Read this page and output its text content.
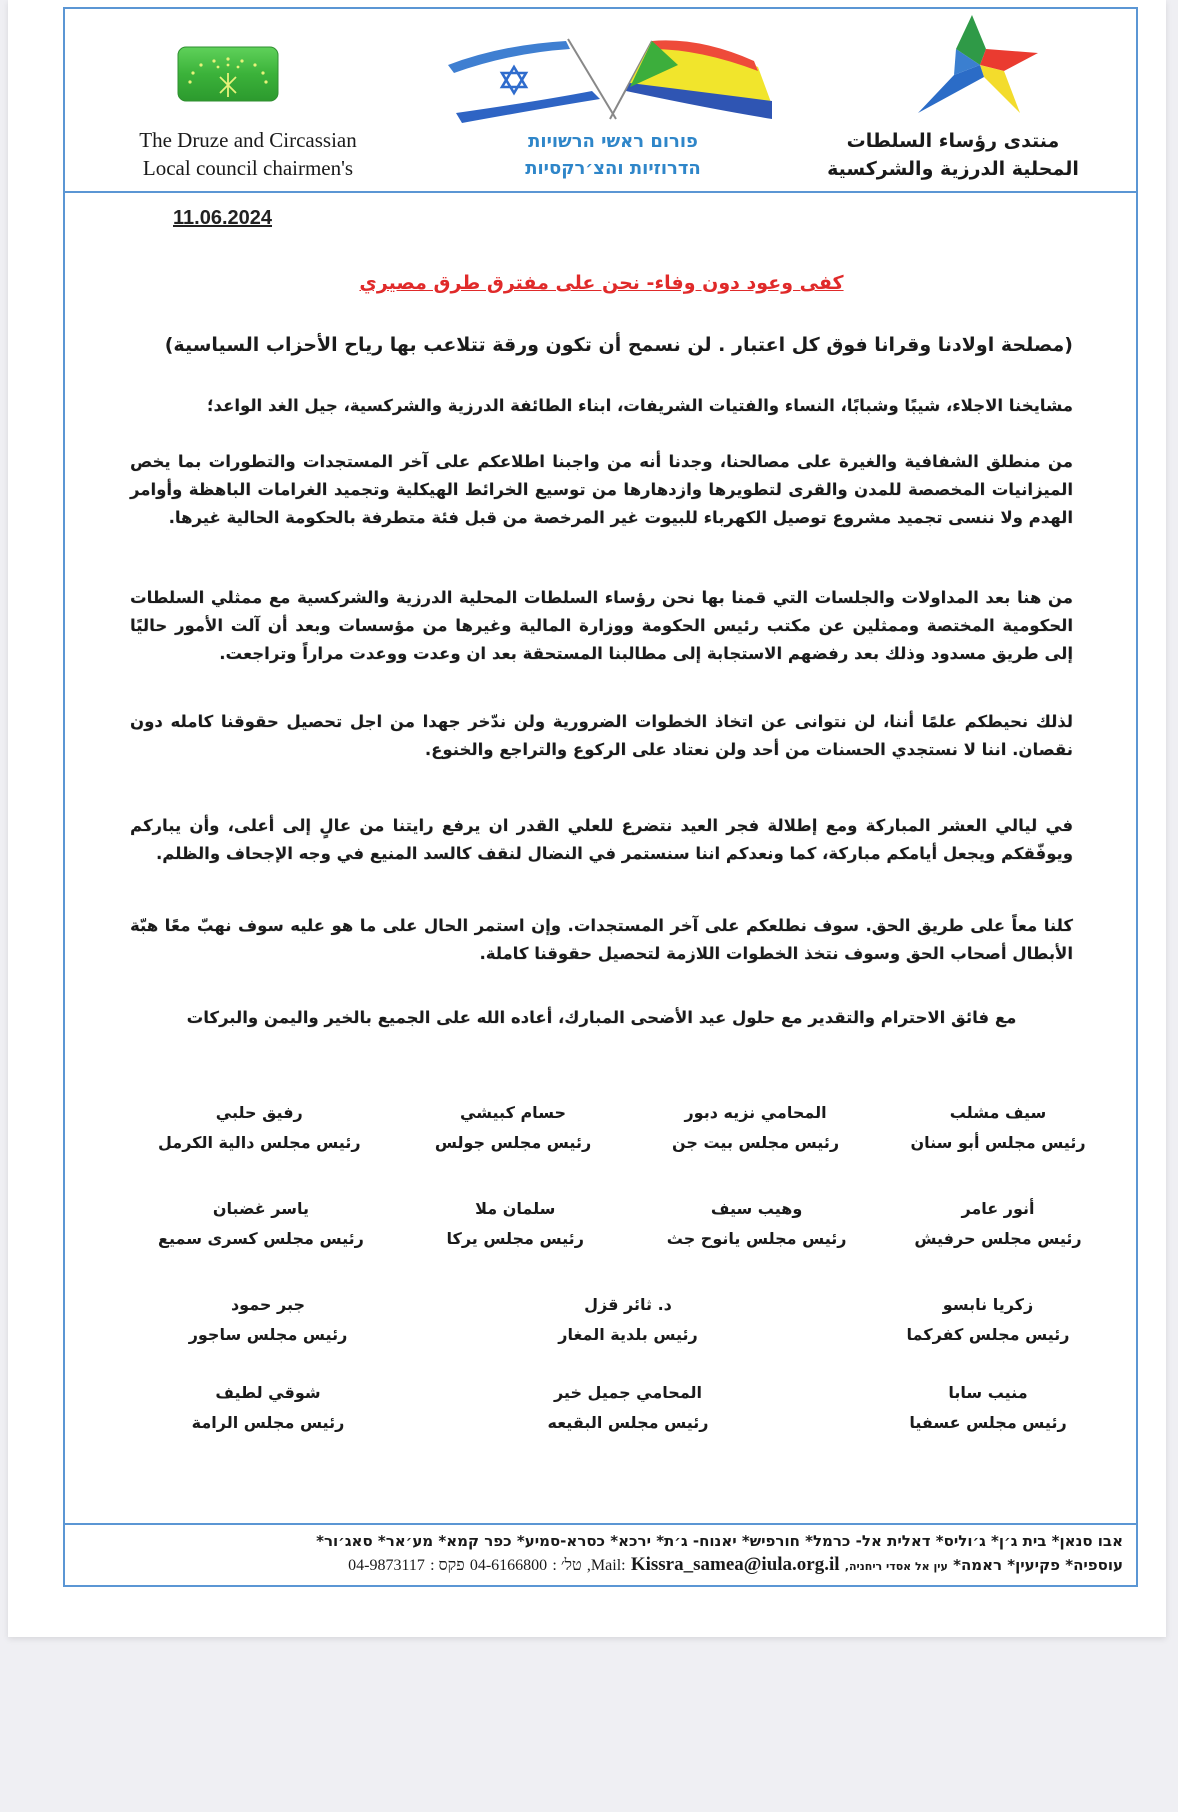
The Druze and Circassian
Local council chairmen's
פורום ראשי הרשויות
הדרוזיות והצ׳רקסיות
منتدى رؤساء السلطات
المحلية الدرزية والشركسية
11.06.2024
كفى وعود دون وفاء- نحن على مفترق طرق مصيري
(مصلحة اولادنا وقرانا فوق كل اعتبار . لن نسمح أن تكون ورقة تتلاعب بها رياح الأحزاب السياسية)
مشايخنا الاجلاء، شيبًا وشبابًا، النساء والفتيات الشريفات، ابناء الطائفة الدرزية والشركسية، جيل الغد الواعد؛
من منطلق الشفافية والغيرة على مصالحنا، وجدنا أنه من واجبنا اطلاعكم على آخر المستجدات والتطورات بما يخص الميزانيات المخصصة للمدن والقرى لتطويرها وازدهارها من توسيع الخرائط الهيكلية وتجميد الغرامات الباهظة وأوامر الهدم ولا ننسى تجميد مشروع توصيل الكهرباء للبيوت غير المرخصة من قبل فئة متطرفة بالحكومة الحالية غيرها.
من هنا بعد المداولات والجلسات التي قمنا بها نحن رؤساء السلطات المحلية الدرزية والشركسية مع ممثلي السلطات الحكومية المختصة وممثلين عن مكتب رئيس الحكومة ووزارة المالية وغيرها من مؤسسات وبعد أن آلت الأمور حاليًا إلى طريق مسدود وذلك بعد رفضهم الاستجابة إلى مطالبنا المستحقة بعد ان وعدت ووعدت مراراً وتراجعت.
لذلك نحيطكم علمًا أننا، لن نتوانى عن اتخاذ الخطوات الضرورية ولن ندّخر جهدا من اجل تحصيل حقوقنا كامله دون نقصان. اننا لا نستجدي الحسنات من أحد ولن نعتاد على الركوع والتراجع والخنوع.
في ليالي العشر المباركة ومع إطلالة فجر العيد نتضرع للعلي القدر ان يرفع رايتنا من عالٍ إلى أعلى، وأن يباركم ويوفّقكم ويجعل أيامكم مباركة، كما ونعدكم اننا سنستمر في النضال لنقف كالسد المنيع في وجه الإجحاف والظلم.
كلنا معاً على طريق الحق. سوف نطلعكم على آخر المستجدات. وإن استمر الحال على ما هو عليه سوف نهبّ معًا هبّة الأبطال أصحاب الحق وسوف نتخذ الخطوات اللازمة لتحصيل حقوقنا كاملة.
مع فائق الاحترام والتقدير مع حلول عيد الأضحى المبارك، أعاده الله على الجميع بالخير واليمن والبركات
سيف مشلب
رئيس مجلس أبو سنان
المحامي نزيه دبور
رئيس مجلس بيت جن
حسام كبيشي
رئيس مجلس جولس
رفيق حلبي
رئيس مجلس دالية الكرمل
أنور عامر
رئيس مجلس حرفيش
وهيب سيف
رئيس مجلس يانوح جث
سلمان ملا
رئيس مجلس يركا
ياسر غضبان
رئيس مجلس كسرى سميع
زكريا نابسو
رئيس مجلس كفركما
د. ثائر قزل
رئيس بلدية المغار
جبر حمود
رئيس مجلس ساجور
منيب سابا
رئيس مجلس عسفيا
المحامي جميل خير
رئيس مجلس البقيعه
شوقي لطيف
رئيس مجلس الرامة
אבו סנאן* בית ג׳ן* ג׳וליס* דאלית אל- כרמל* חורפיש* יאנוח- ג׳ת* ירכא* כסרא-סמיע* כפר קמא* מע׳אר* סאג׳ור*
עוספיה* פקיעין* ראמה* עין אל אסדי ריחניה, Kissra_samea@iula.org.il ,Mail: טל׳ : 04-6166800 פקס : 04-9873117
